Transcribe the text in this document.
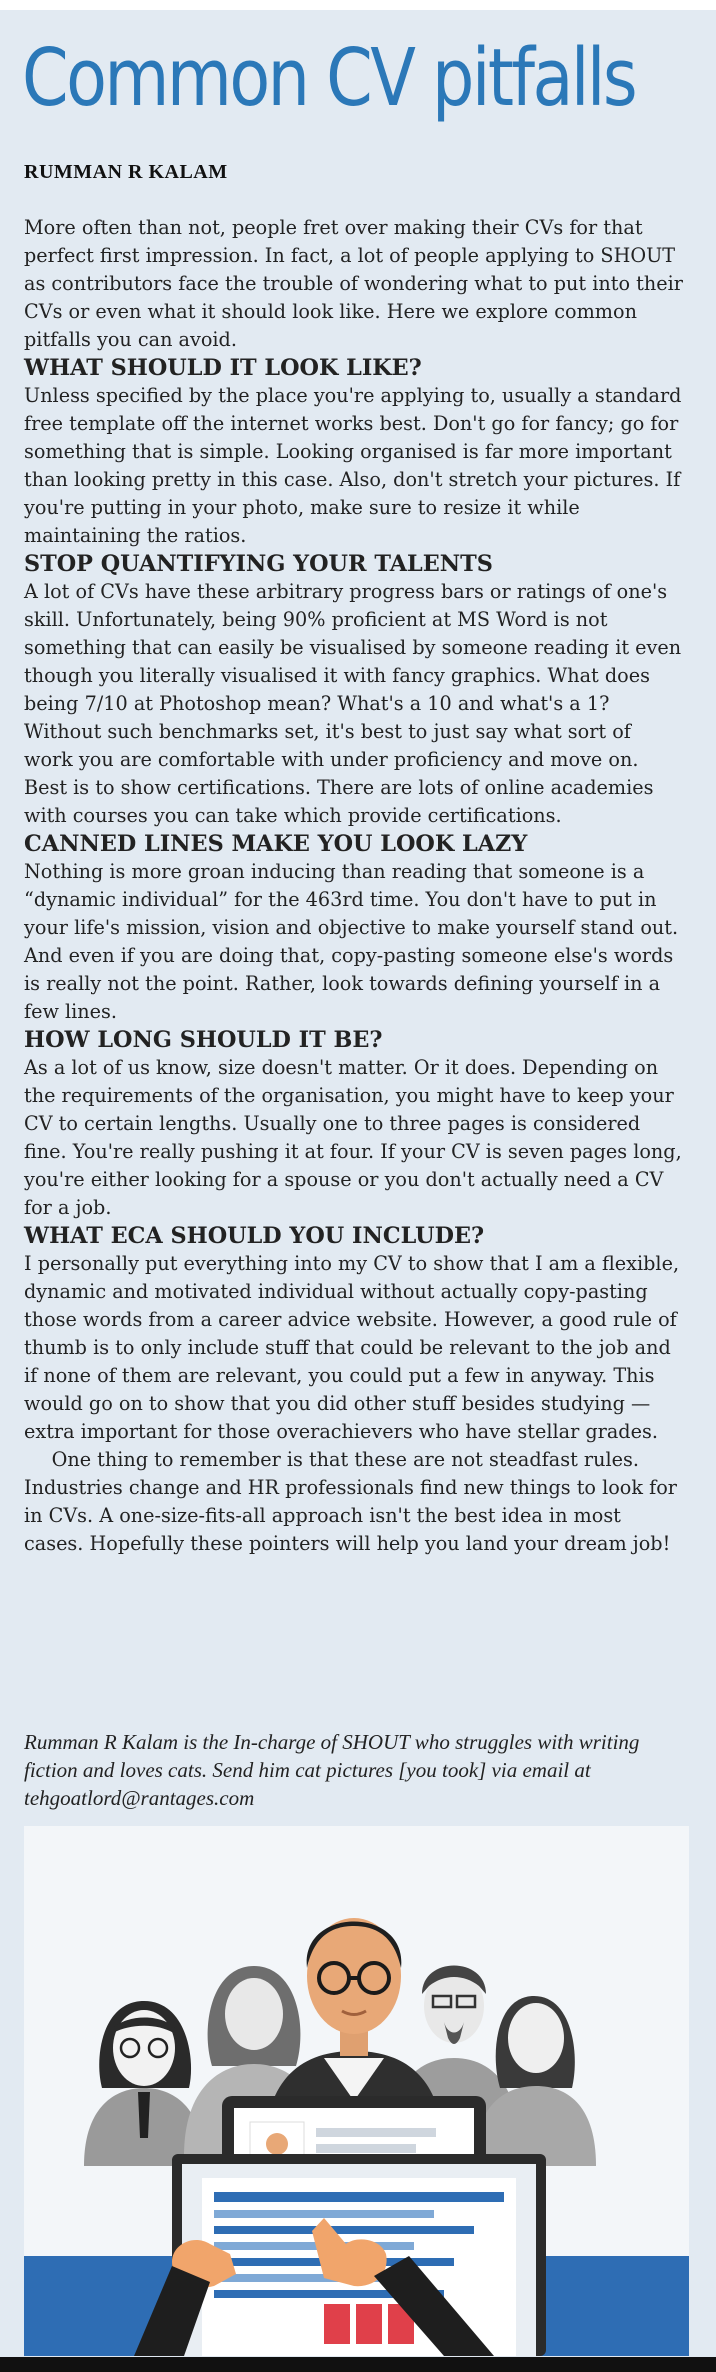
Common CV pitfalls

RUMMAN R KALAM

More often than not, people fret over making their CVs for that perfect first impression. In fact, a lot of people applying to SHOUT as contributors face the trouble of wondering what to put into their CVs or even what it should look like. Here we explore common pitfalls you can avoid.

WHAT SHOULD IT LOOK LIKE?

Unless specified by the place you're applying to, usually a standard free template off the internet works best. Don't go for fancy; go for something that is simple. Looking organised is far more important than looking pretty in this case. Also, don't stretch your pictures. If you're putting in your photo, make sure to resize it while maintaining the ratios.

STOP QUANTIFYING YOUR TALENTS

A lot of CVs have these arbitrary progress bars or ratings of one's skill. Unfortunately, being 90% proficient at MS Word is not something that can easily be visualised by someone reading it even though you literally visualised it with fancy graphics. What does being 7/10 at Photoshop mean? What's a 10 and what's a 1? Without such benchmarks set, it's best to just say what sort of work you are comfortable with under proficiency and move on. Best is to show certifications. There are lots of online academies with courses you can take which provide certifications.

CANNED LINES MAKE YOU LOOK LAZY

Nothing is more groan inducing than reading that someone is a “dynamic individual” for the 463rd time. You don't have to put in your life's mission, vision and objective to make yourself stand out. And even if you are doing that, copy-pasting someone else's words is really not the point. Rather, look towards defining yourself in a few lines.

HOW LONG SHOULD IT BE?

As a lot of us know, size doesn't matter. Or it does. Depending on the requirements of the organisation, you might have to keep your CV to certain lengths. Usually one to three pages is considered fine. You're really pushing it at four. If your CV is seven pages long, you're either looking for a spouse or you don't actually need a CV for a job.

WHAT ECA SHOULD YOU INCLUDE?

I personally put everything into my CV to show that I am a flexible, dynamic and motivated individual without actually copy-pasting those words from a career advice website. However, a good rule of thumb is to only include stuff that could be relevant to the job and if none of them are relevant, you could put a few in anyway. This would go on to show that you did other stuff besides studying — extra important for those overachievers who have stellar grades.

One thing to remember is that these are not steadfast rules. Industries change and HR professionals find new things to look for in CVs. A one-size-fits-all approach isn't the best idea in most cases. Hopefully these pointers will help you land your dream job!

Rumman R Kalam is the In-charge of SHOUT who struggles with writing fiction and loves cats. Send him cat pictures [you took] via email at tehgoatlord@rantages.com
